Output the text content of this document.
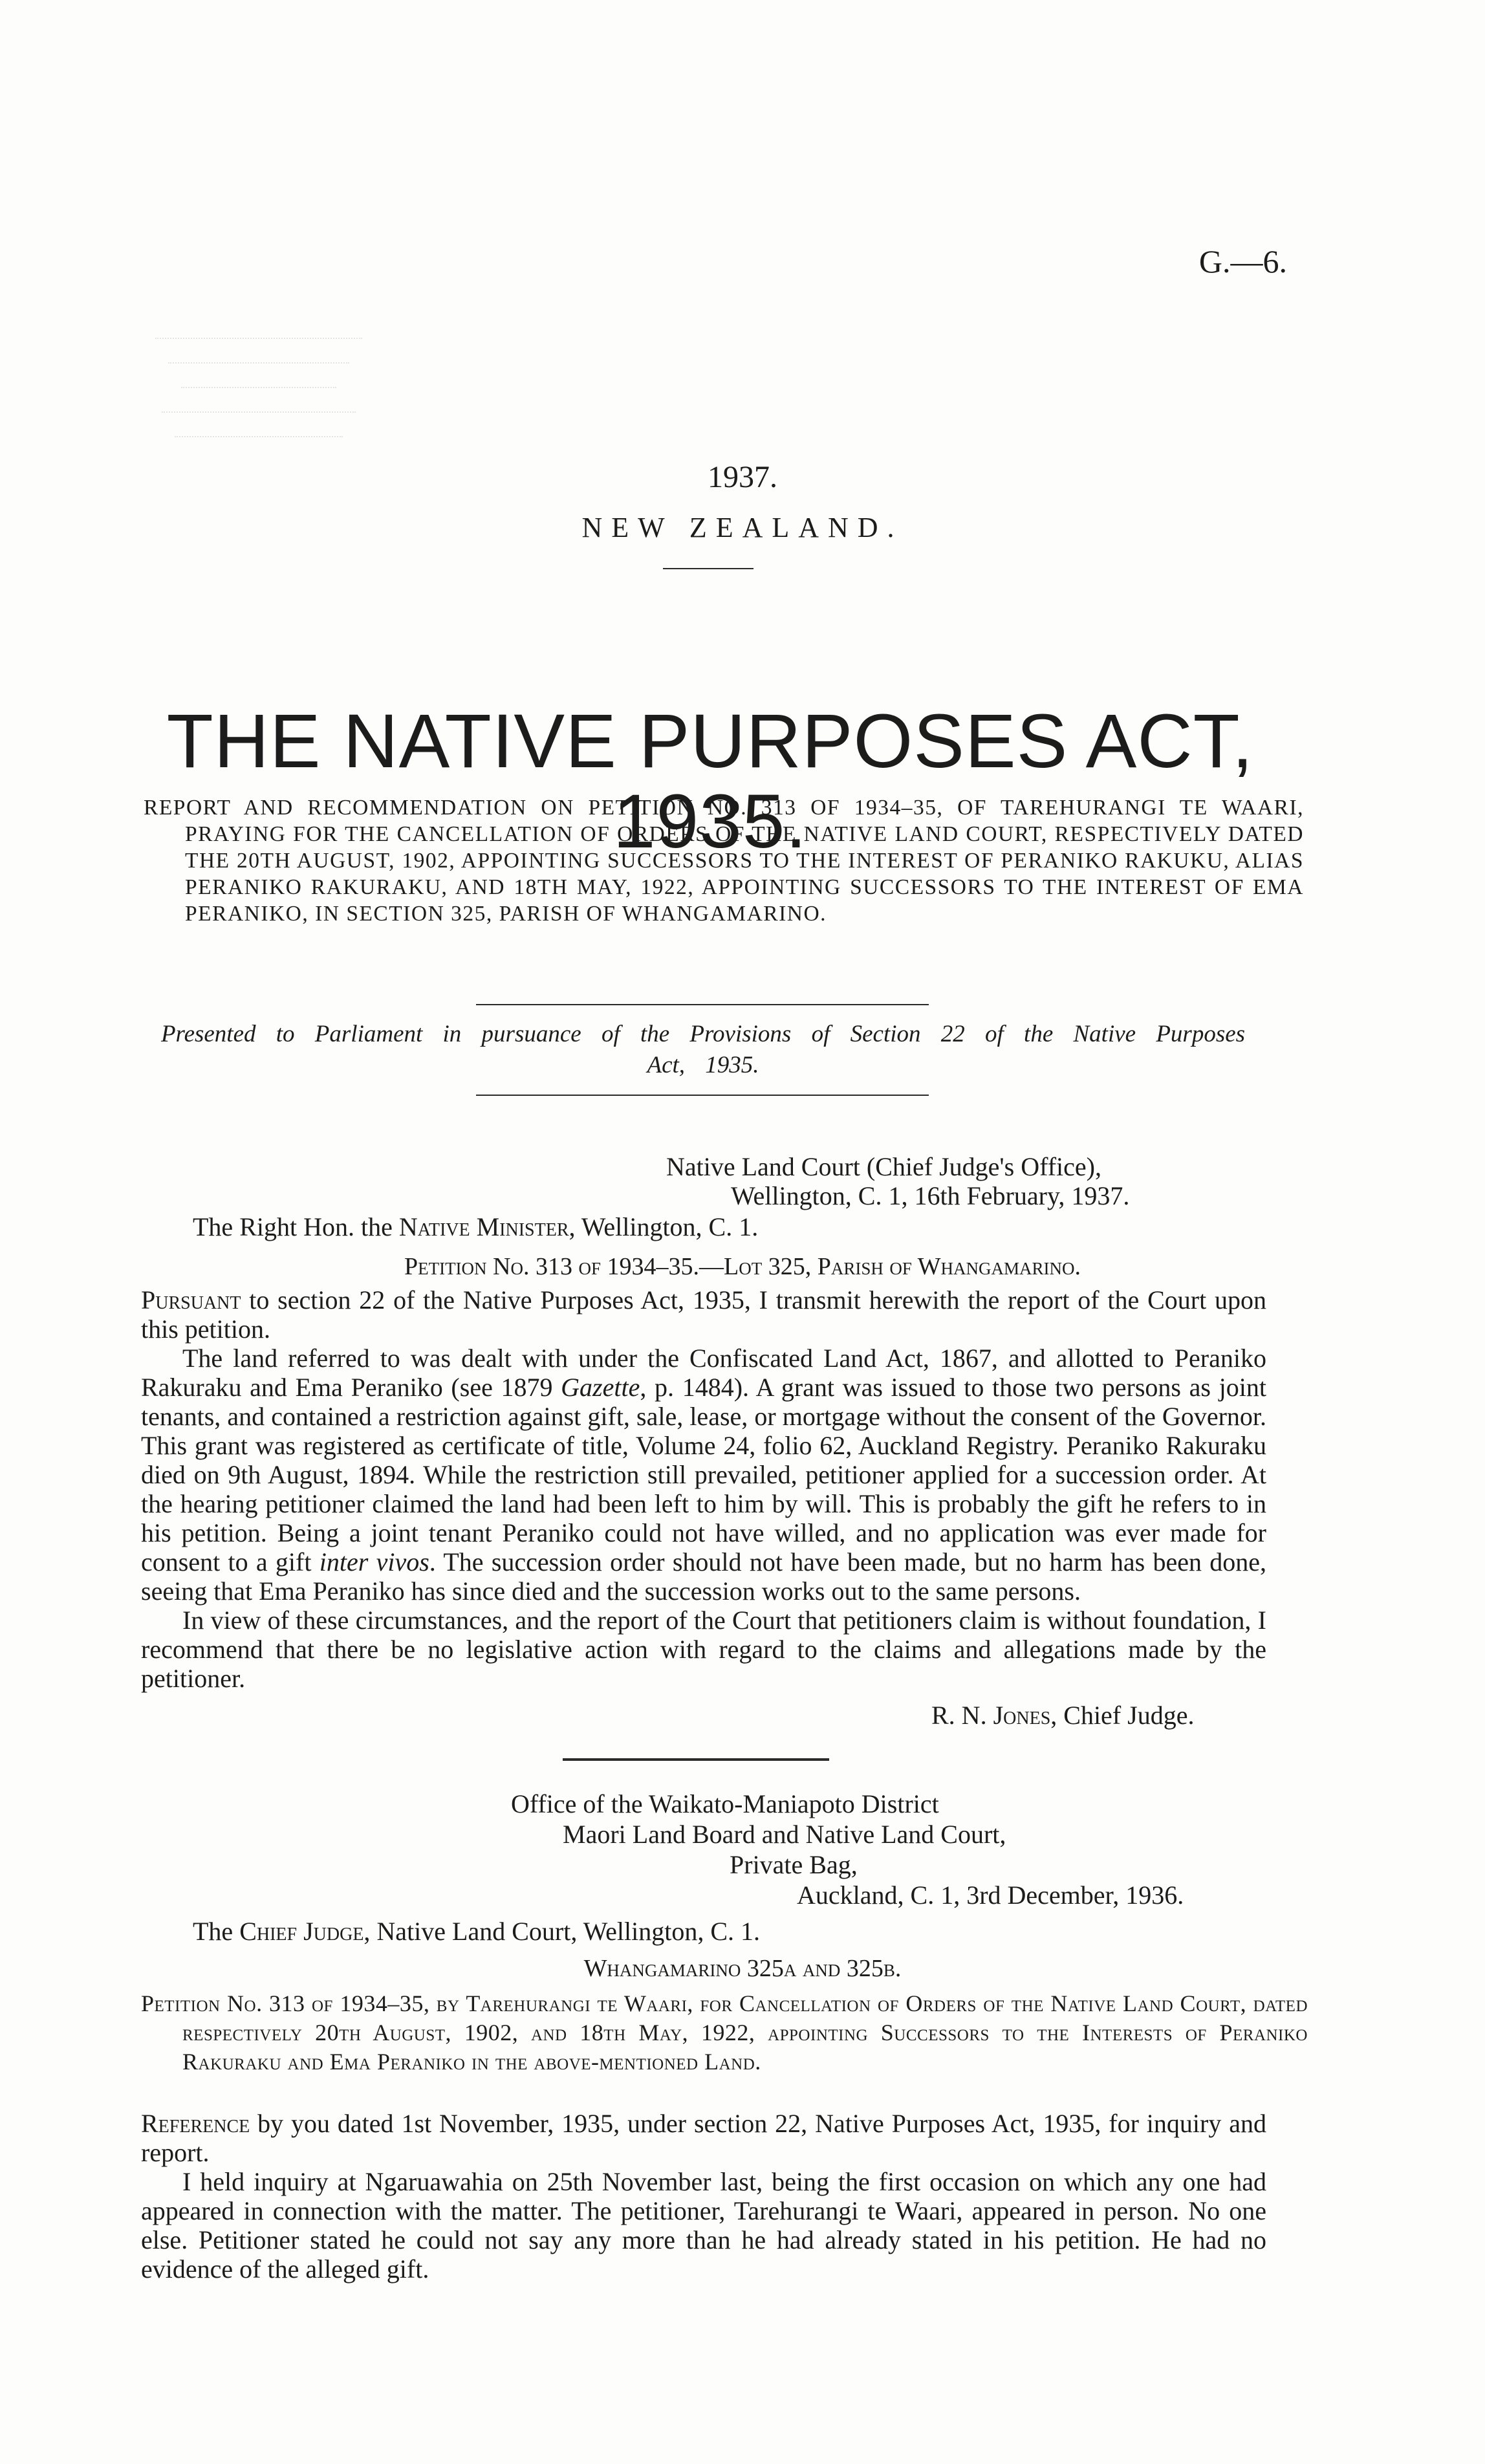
G.—6.
1937.
NEW ZEALAND.
THE NATIVE PURPOSES ACT, 1935.
REPORT AND RECOMMENDATION ON PETITION NO. 313 OF 1934–35, OF TAREHURANGI TE WAARI, PRAYING FOR THE CANCELLATION OF ORDERS OF THE NATIVE LAND COURT, RESPECTIVELY DATED THE 20TH AUGUST, 1902, APPOINTING SUCCESSORS TO THE INTEREST OF PERANIKO RAKUKU, ALIAS PERANIKO RAKURAKU, AND 18TH MAY, 1922, APPOINTING SUCCESSORS TO THE INTEREST OF EMA PERANIKO, IN SECTION 325, PARISH OF WHANGAMARINO.
Presented to Parliament in pursuance of the Provisions of Section 22 of the Native Purposes Act, 1935.
Native Land Court (Chief Judge's Office),
Wellington, C. 1, 16th February, 1937.
The Right Hon. the Native Minister, Wellington, C. 1.
Petition No. 313 of 1934–35.—Lot 325, Parish of Whangamarino.

Pursuant to section 22 of the Native Purposes Act, 1935, I transmit herewith the report of the Court upon this petition.

The land referred to was dealt with under the Confiscated Land Act, 1867, and allotted to Peraniko Rakuraku and Ema Peraniko (see 1879 Gazette, p. 1484). A grant was issued to those two persons as joint tenants, and contained a restriction against gift, sale, lease, or mortgage without the consent of the Governor. This grant was registered as certificate of title, Volume 24, folio 62, Auckland Registry. Peraniko Rakuraku died on 9th August, 1894. While the restriction still prevailed, petitioner applied for a succession order. At the hearing petitioner claimed the land had been left to him by will. This is probably the gift he refers to in his petition. Being a joint tenant Peraniko could not have willed, and no application was ever made for consent to a gift inter vivos. The succession order should not have been made, but no harm has been done, seeing that Ema Peraniko has since died and the succession works out to the same persons.

In view of these circumstances, and the report of the Court that petitioners claim is without foundation, I recommend that there be no legislative action with regard to the claims and allegations made by the petitioner.

R. N. Jones, Chief Judge.
Office of the Waikato-Maniapoto District
Maori Land Board and Native Land Court,
Private Bag,
Auckland, C. 1, 3rd December, 1936.
The Chief Judge, Native Land Court, Wellington, C. 1.
Whangamarino 325a and 325b.
Petition No. 313 of 1934–35, by Tarehurangi te Waari, for Cancellation of Orders of the Native Land Court, dated respectively 20th August, 1902, and 18th May, 1922, appointing Successors to the Interests of Peraniko Rakuraku and Ema Peraniko in the above-mentioned Land.

Reference by you dated 1st November, 1935, under section 22, Native Purposes Act, 1935, for inquiry and report.

I held inquiry at Ngaruawahia on 25th November last, being the first occasion on which any one had appeared in connection with the matter. The petitioner, Tarehurangi te Waari, appeared in person. No one else. Petitioner stated he could not say any more than he had already stated in his petition. He had no evidence of the alleged gift.
